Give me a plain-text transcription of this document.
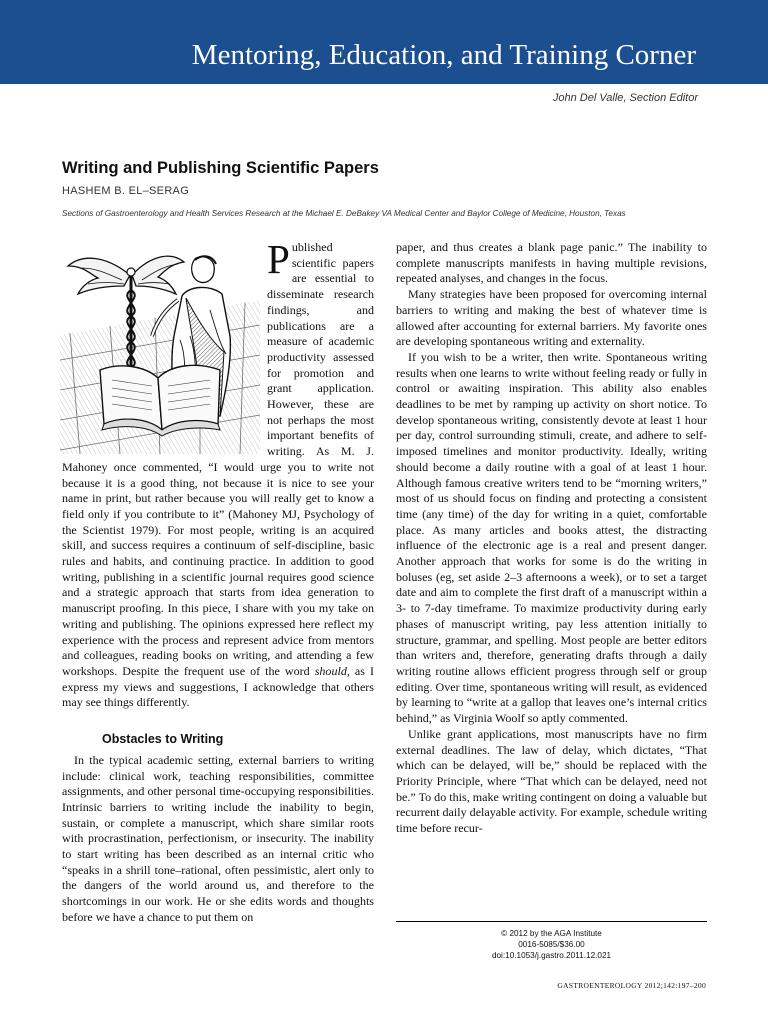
Mentoring, Education, and Training Corner
John Del Valle, Section Editor
Writing and Publishing Scientific Papers
HASHEM B. EL–SERAG
Sections of Gastroenterology and Health Services Research at the Michael E. DeBakey VA Medical Center and Baylor College of Medicine, Houston, Texas

Published scientific papers are essential to disseminate research findings, and publications are a measure of academic productivity assessed for promotion and grant application. However, these are not perhaps the most important benefits of writing. As M. J. Mahoney once commented, “I would urge you to write not because it is a good thing, not because it is nice to see your name in print, but rather because you will really get to know a field only if you contribute to it” (Mahoney MJ, Psychology of the Scientist 1979). For most people, writing is an acquired skill, and success requires a continuum of self-discipline, basic rules and habits, and continuing practice. In addition to good writing, publishing in a scientific journal requires good science and a strategic approach that starts from idea generation to manuscript proofing. In this piece, I share with you my take on writing and publishing. The opinions expressed here reflect my experience with the process and represent advice from mentors and colleagues, reading books on writing, and attending a few workshops. Despite the frequent use of the word should, as I express my views and suggestions, I acknowledge that others may see things differently.

Obstacles to Writing

In the typical academic setting, external barriers to writing include: clinical work, teaching responsibilities, committee assignments, and other personal time-occupying responsibilities. Intrinsic barriers to writing include the inability to begin, sustain, or complete a manuscript, which share similar roots with procrastination, perfectionism, or insecurity. The inability to start writing has been described as an internal critic who “speaks in a shrill tone–rational, often pessimistic, alert only to the dangers of the world around us, and therefore to the shortcomings in our work. He or she edits words and thoughts before we have a chance to put them on

paper, and thus creates a blank page panic.” The inability to complete manuscripts manifests in having multiple revisions, repeated analyses, and changes in the focus.

Many strategies have been proposed for overcoming internal barriers to writing and making the best of whatever time is allowed after accounting for external barriers. My favorite ones are developing spontaneous writing and externality.

If you wish to be a writer, then write. Spontaneous writing results when one learns to write without feeling ready or fully in control or awaiting inspiration. This ability also enables deadlines to be met by ramping up activity on short notice. To develop spontaneous writing, consistently devote at least 1 hour per day, control surrounding stimuli, create, and adhere to self-imposed timelines and monitor productivity. Ideally, writing should become a daily routine with a goal of at least 1 hour. Although famous creative writers tend to be “morning writers,” most of us should focus on finding and protecting a consistent time (any time) of the day for writing in a quiet, comfortable place. As many articles and books attest, the distracting influence of the electronic age is a real and present danger. Another approach that works for some is do the writing in boluses (eg, set aside 2–3 afternoons a week), or to set a target date and aim to complete the first draft of a manuscript within a 3- to 7-day timeframe. To maximize productivity during early phases of manuscript writing, pay less attention initially to structure, grammar, and spelling. Most people are better editors than writers and, therefore, generating drafts through a daily writing routine allows efficient progress through self or group editing. Over time, spontaneous writing will result, as evidenced by learning to “write at a gallop that leaves one’s internal critics behind,” as Virginia Woolf so aptly commented.

Unlike grant applications, most manuscripts have no firm external deadlines. The law of delay, which dictates, “That which can be delayed, will be,” should be replaced with the Priority Principle, where “That which can be delayed, need not be.” To do this, make writing contingent on doing a valuable but recurrent daily delayable activity. For example, schedule writing time before recur-

© 2012 by the AGA Institute
0016-5085/$36.00
doi:10.1053/j.gastro.2011.12.021
GASTROENTEROLOGY 2012;142:197–200
